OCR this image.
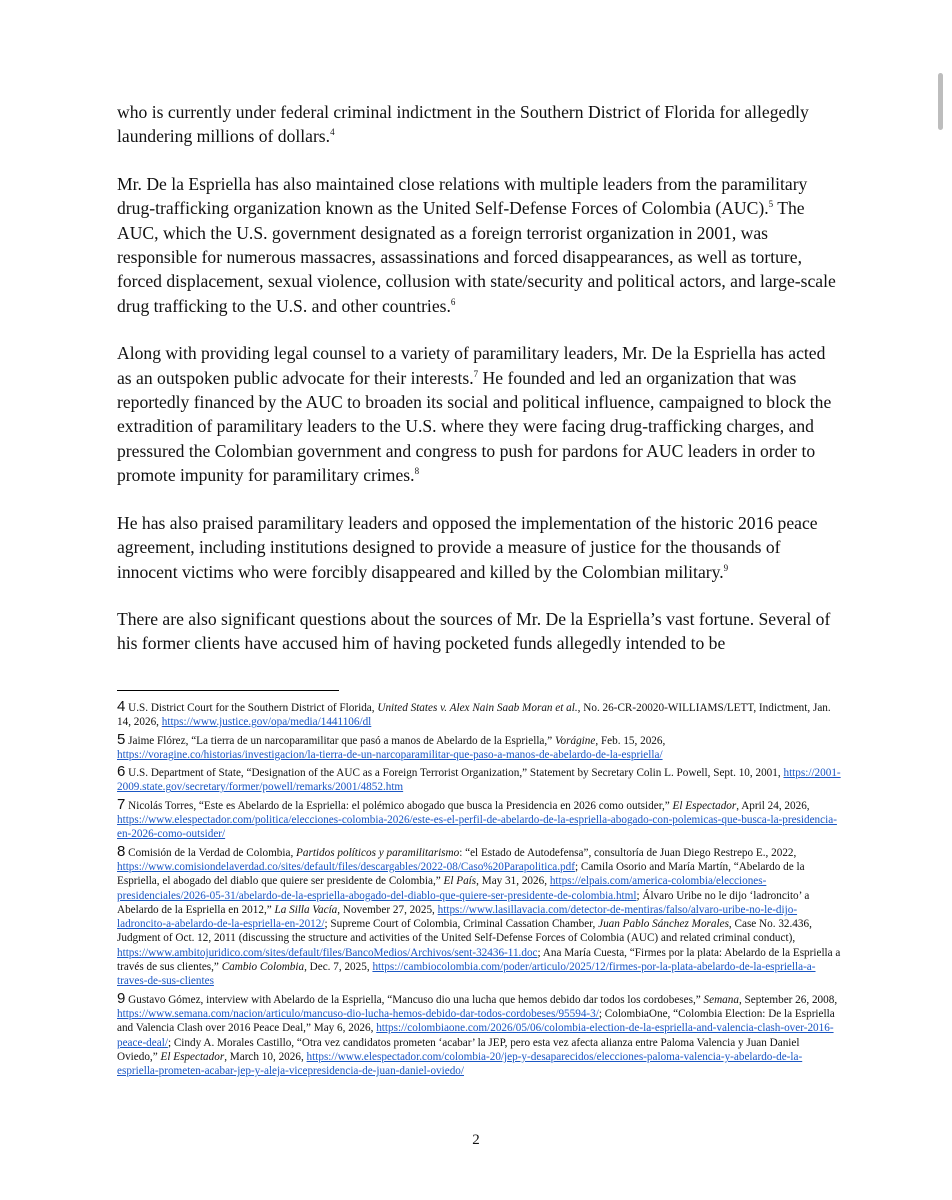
who is currently under federal criminal indictment in the Southern District of Florida for allegedly laundering millions of dollars.$^4$

Mr. De la Espriella has also maintained close relations with multiple leaders from the paramilitary drug-trafficking organization known as the United Self-Defense Forces of Colombia (AUC).$^5$ The AUC, which the U.S. government designated as a foreign terrorist organization in 2001, was responsible for numerous massacres, assassinations and forced disappearances, as well as torture, forced displacement, sexual violence, collusion with state/security and political actors, and large-scale drug trafficking to the U.S. and other countries.$^6$

Along with providing legal counsel to a variety of paramilitary leaders, Mr. De la Espriella has acted as an outspoken public advocate for their interests.$^7$ He founded and led an organization that was reportedly financed by the AUC to broaden its social and political influence, campaigned to block the extradition of paramilitary leaders to the U.S. where they were facing drug-trafficking charges, and pressured the Colombian government and congress to push for pardons for AUC leaders in order to promote impunity for paramilitary crimes.$^8$

He has also praised paramilitary leaders and opposed the implementation of the historic 2016 peace agreement, including institutions designed to provide a measure of justice for the thousands of innocent victims who were forcibly disappeared and killed by the Colombian military.$^9$

There are also significant questions about the sources of Mr. De la Espriella’s vast fortune. Several of his former clients have accused him of having pocketed funds allegedly intended to be

4 U.S. District Court for the Southern District of Florida, United States v. Alex Nain Saab Moran et al., No. 26-CR-20020-WILLIAMS/LETT, Indictment, Jan. 14, 2026, https://www.justice.gov/opa/media/1441106/dl

5 Jaime Flórez, “La tierra de un narcoparamilitar que pasó a manos de Abelardo de la Espriella,” Vorágine, Feb. 15, 2026, https://voragine.co/historias/investigacion/la-tierra-de-un-narcoparamilitar-que-paso-a-manos-de-abelardo-de-la-espriella/

6 U.S. Department of State, “Designation of the AUC as a Foreign Terrorist Organization,” Statement by Secretary Colin L. Powell, Sept. 10, 2001, https://2001-2009.state.gov/secretary/former/powell/remarks/2001/4852.htm

7 Nicolás Torres, “Este es Abelardo de la Espriella: el polémico abogado que busca la Presidencia en 2026 como outsider,” El Espectador, April 24, 2026, https://www.elespectador.com/politica/elecciones-colombia-2026/este-es-el-perfil-de-abelardo-de-la-espriella-abogado-con-polemicas-que-busca-la-presidencia-en-2026-como-outsider/

8 Comisión de la Verdad de Colombia, Partidos políticos y paramilitarismo: “el Estado de Autodefensa”, consultoría de Juan Diego Restrepo E., 2022, https://www.comisiondelaverdad.co/sites/default/files/descargables/2022-08/Caso%20Parapolitica.pdf; Camila Osorio and María Martín, “Abelardo de la Espriella, el abogado del diablo que quiere ser presidente de Colombia,” El País, May 31, 2026, https://elpais.com/america-colombia/elecciones-presidenciales/2026-05-31/abelardo-de-la-espriella-abogado-del-diablo-que-quiere-ser-presidente-de-colombia.html; Álvaro Uribe no le dijo ‘ladroncito’ a Abelardo de la Espriella en 2012,” La Silla Vacía, November 27, 2025, https://www.lasillavacia.com/detector-de-mentiras/falso/alvaro-uribe-no-le-dijo-ladroncito-a-abelardo-de-la-espriella-en-2012/; Supreme Court of Colombia, Criminal Cassation Chamber, Juan Pablo Sánchez Morales, Case No. 32.436, Judgment of Oct. 12, 2011 (discussing the structure and activities of the United Self-Defense Forces of Colombia (AUC) and related criminal conduct), https://www.ambitojuridico.com/sites/default/files/BancoMedios/Archivos/sent-32436-11.doc; Ana María Cuesta, “Firmes por la plata: Abelardo de la Espriella a través de sus clientes,” Cambio Colombia, Dec. 7, 2025, https://cambiocolombia.com/poder/articulo/2025/12/firmes-por-la-plata-abelardo-de-la-espriella-a-traves-de-sus-clientes

9 Gustavo Gómez, interview with Abelardo de la Espriella, “Mancuso dio una lucha que hemos debido dar todos los cordobeses,” Semana, September 26, 2008, https://www.semana.com/nacion/articulo/mancuso-dio-lucha-hemos-debido-dar-todos-cordobeses/95594-3/; ColombiaOne, “Colombia Election: De la Espriella and Valencia Clash over 2016 Peace Deal,” May 6, 2026, https://colombiaone.com/2026/05/06/colombia-election-de-la-espriella-and-valencia-clash-over-2016-peace-deal/; Cindy A. Morales Castillo, “Otra vez candidatos prometen ‘acabar’ la JEP, pero esta vez afecta alianza entre Paloma Valencia y Juan Daniel Oviedo,” El Espectador, March 10, 2026, https://www.elespectador.com/colombia-20/jep-y-desaparecidos/elecciones-paloma-valencia-y-abelardo-de-la-espriella-prometen-acabar-jep-y-aleja-vicepresidencia-de-juan-daniel-oviedo/

2
